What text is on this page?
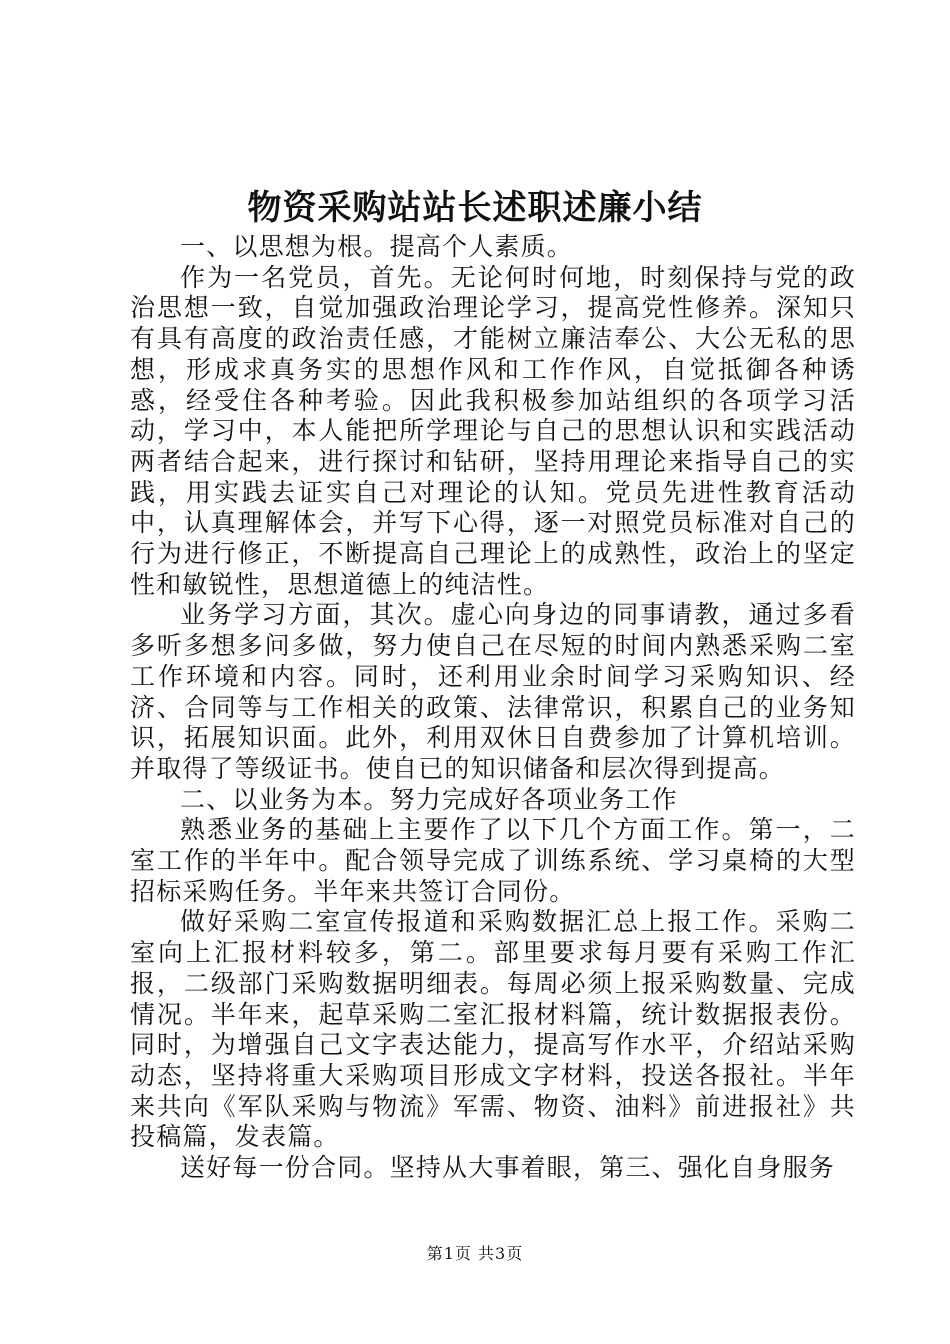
物资采购站站长述职述廉小结

一、以思想为根。提高个人素质。

作为一名党员，首先。无论何时何地，时刻保持与党的政治思想一致，自觉加强政治理论学习，提高党性修养。深知只有具有高度的政治责任感，才能树立廉洁奉公、大公无私的思想，形成求真务实的思想作风和工作作风，自觉抵御各种诱惑，经受住各种考验。因此我积极参加站组织的各项学习活动，学习中，本人能把所学理论与自己的思想认识和实践活动两者结合起来，进行探讨和钻研，坚持用理论来指导自己的实践，用实践去证实自己对理论的认知。党员先进性教育活动中，认真理解体会，并写下心得，逐一对照党员标准对自己的行为进行修正，不断提高自己理论上的成熟性，政治上的坚定性和敏锐性，思想道德上的纯洁性。

业务学习方面，其次。虚心向身边的同事请教，通过多看多听多想多问多做，努力使自己在尽短的时间内熟悉采购二室工作环境和内容。同时，还利用业余时间学习采购知识、经济、合同等与工作相关的政策、法律常识，积累自己的业务知识，拓展知识面。此外，利用双休日自费参加了计算机培训。并取得了等级证书。使自已的知识储备和层次得到提高。

二、以业务为本。努力完成好各项业务工作

熟悉业务的基础上主要作了以下几个方面工作。第一，二室工作的半年中。配合领导完成了训练系统、学习桌椅的大型招标采购任务。半年来共签订合同份。

做好采购二室宣传报道和采购数据汇总上报工作。采购二室向上汇报材料较多，第二。部里要求每月要有采购工作汇报，二级部门采购数据明细表。每周必须上报采购数量、完成情况。半年来，起草采购二室汇报材料篇，统计数据报表份。同时，为增强自己文字表达能力，提高写作水平，介绍站采购动态，坚持将重大采购项目形成文字材料，投送各报社。半年来共向《军队采购与物流》军需、物资、油料》前进报社》共投稿篇，发表篇。

送好每一份合同。坚持从大事着眼，第三、强化自身服务

第1页 共3页
